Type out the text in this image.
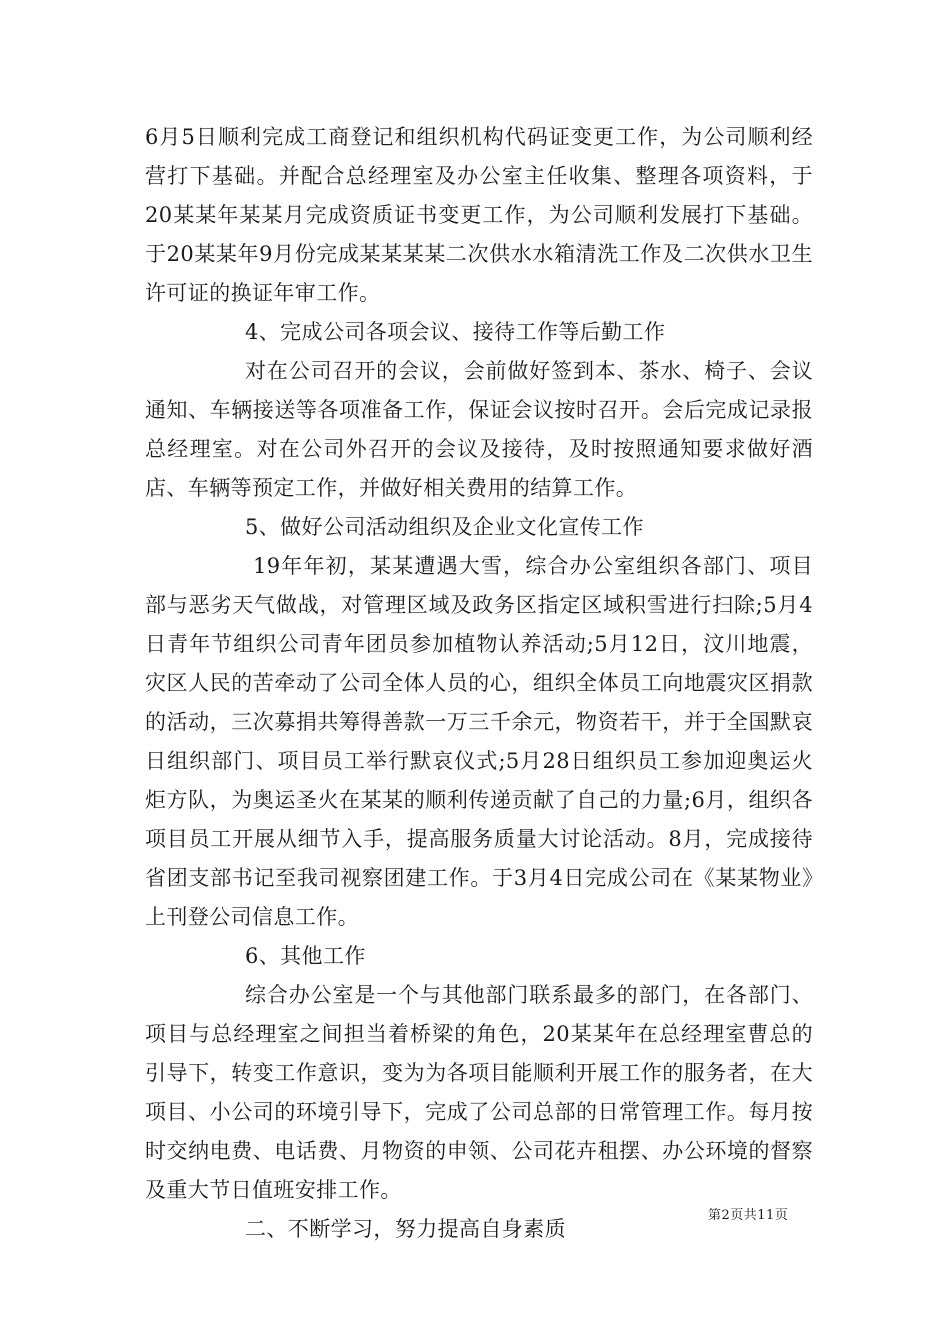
6月5日顺利完成工商登记和组织机构代码证变更工作，为公司顺利经营打下基础。并配合总经理室及办公室主任收集、整理各项资料，于20某某年某某月完成资质证书变更工作，为公司顺利发展打下基础。于20某某年9月份完成某某某某二次供水水箱清洗工作及二次供水卫生许可证的换证年审工作。

4、完成公司各项会议、接待工作等后勤工作

对在公司召开的会议，会前做好签到本、茶水、椅子、会议通知、车辆接送等各项准备工作，保证会议按时召开。会后完成记录报总经理室。对在公司外召开的会议及接待，及时按照通知要求做好酒店、车辆等预定工作，并做好相关费用的结算工作。

5、做好公司活动组织及企业文化宣传工作

19年年初，某某遭遇大雪，综合办公室组织各部门、项目部与恶劣天气做战，对管理区域及政务区指定区域积雪进行扫除;5月4日青年节组织公司青年团员参加植物认养活动;5月12日，汶川地震，灾区人民的苦牵动了公司全体人员的心，组织全体员工向地震灾区捐款的活动，三次募捐共筹得善款一万三千余元，物资若干，并于全国默哀日组织部门、项目员工举行默哀仪式;5月28日组织员工参加迎奥运火炬方队，为奥运圣火在某某的顺利传递贡献了自己的力量;6月，组织各项目员工开展从细节入手，提高服务质量大讨论活动。8月，完成接待省团支部书记至我司视察团建工作。于3月4日完成公司在《某某物业》上刊登公司信息工作。

6、其他工作

综合办公室是一个与其他部门联系最多的部门，在各部门、项目与总经理室之间担当着桥梁的角色，20某某年在总经理室曹总的引导下，转变工作意识，变为为各项目能顺利开展工作的服务者，在大项目、小公司的环境引导下，完成了公司总部的日常管理工作。每月按时交纳电费、电话费、月物资的申领、公司花卉租摆、办公环境的督察及重大节日值班安排工作。

二、不断学习，努力提高自身素质

第2页共11页
